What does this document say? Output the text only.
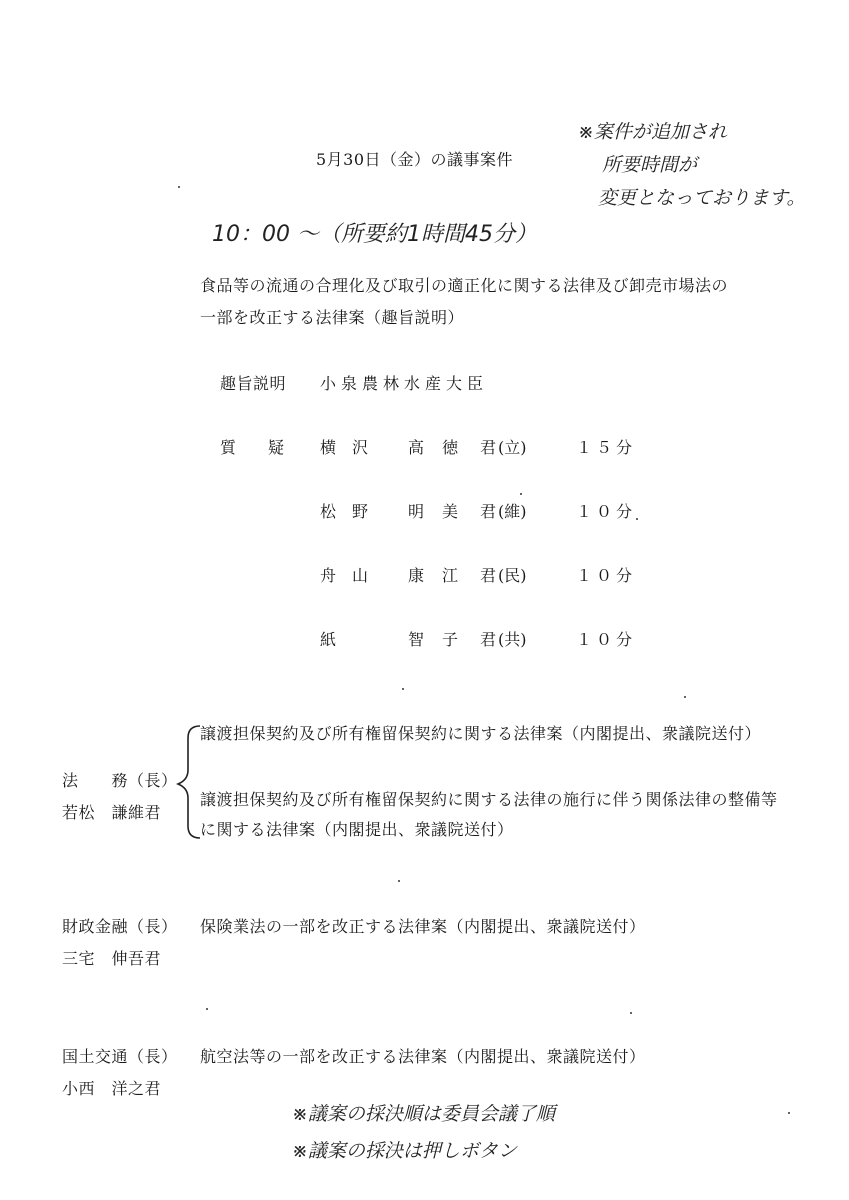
5月30日（金）の議事案件
※案件が追加され
所要時間が
変更となっております。
10：00 ～（所要約1時間45分）
食品等の流通の合理化及び取引の適正化に関する法律及び卸売市場法の
一部を改正する法律案（趣旨説明）
趣旨説明 小泉農林水産大臣
質　疑 横 沢 高 徳 君 (立)	１５分
松 野 明 美 君 (維)	１０分
舟 山 康 江 君 (民)	１０分
紙	智 子 君 (共)	１０分
法　　務（長）
若松　謙維君
譲渡担保契約及び所有権留保契約に関する法律案（内閣提出、衆議院送付）
譲渡担保契約及び所有権留保契約に関する法律の施行に伴う関係法律の整備等
に関する法律案（内閣提出、衆議院送付）
財政金融（長）
三宅　伸吾君
保険業法の一部を改正する法律案（内閣提出、衆議院送付）
国土交通（長）
小西　洋之君
航空法等の一部を改正する法律案（内閣提出、衆議院送付）
※議案の採決順は委員会議了順
※議案の採決は押しボタン
